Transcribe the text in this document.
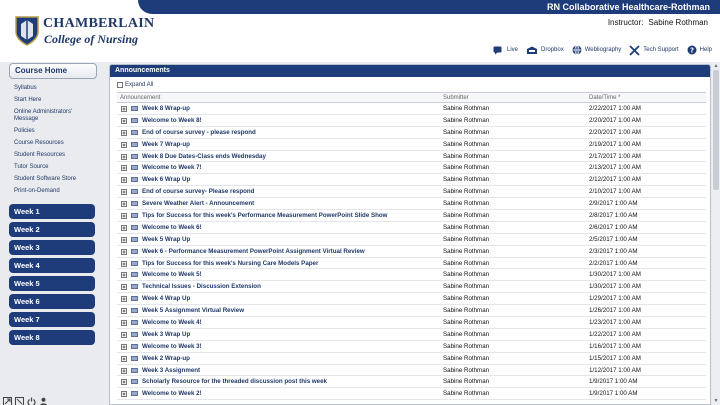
RN Collaborative Healthcare-Rothman
CHAMBERLAIN
College of Nursing
Instructor: Sabine Rothman
Live	Dropbox	Webliography	Tech Support ? Help
Course Home
Syllabus
Start Here
Online Administrators' Message
Policies
Course Resources
Student Resources
Tutor Source
Student Software Store
Print-on-Demand
Week 1
Week 2
Week 3
Week 4
Week 5
Week 6
Week 7
Week 8
Announcements
Expand All
Announcement	Submitter	Date/Time *
Week 8 Wrap-up	Sabine Rothman	2/22/2017 1:00 AM
Welcome to Week 8!	Sabine Rothman	2/20/2017 1:00 AM
End of course survey - please respond	Sabine Rothman	2/20/2017 1:00 AM
Week 7 Wrap-up	Sabine Rothman	2/19/2017 1:00 AM
Week 8 Due Dates-Class ends Wednesday	Sabine Rothman	2/17/2017 1:00 AM
Welcome to Week 7!	Sabine Rothman	2/13/2017 1:00 AM
Week 6 Wrap Up	Sabine Rothman	2/12/2017 1:00 AM
End of course survey- Please respond	Sabine Rothman	2/10/2017 1:00 AM
Severe Weather Alert - Announcement	Sabine Rothman	2/9/2017 1:00 AM
Tips for Success for this week's Performance Measurement PowerPoint Slide Show	Sabine Rothman	2/8/2017 1:00 AM
Welcome to Week 6!	Sabine Rothman	2/6/2017 1:00 AM
Week 5 Wrap Up	Sabine Rothman	2/5/2017 1:00 AM
Week 6 - Performance Measurement PowerPoint Assignment Virtual Review	Sabine Rothman	2/3/2017 1:00 AM
Tips for Success for this week's Nursing Care Models Paper	Sabine Rothman	2/2/2017 1:00 AM
Welcome to Week 5!	Sabine Rothman	1/30/2017 1:00 AM
Technical Issues - Discussion Extension	Sabine Rothman	1/30/2017 1:00 AM
Week 4 Wrap Up	Sabine Rothman	1/29/2017 1:00 AM
Week 5 Assignment Virtual Review	Sabine Rothman	1/26/2017 1:00 AM
Welcome to Week 4!	Sabine Rothman	1/23/2017 1:00 AM
Week 3 Wrap Up	Sabine Rothman	1/22/2017 1:00 AM
Welcome to Week 3!	Sabine Rothman	1/16/2017 1:00 AM
Week 2 Wrap-up	Sabine Rothman	1/15/2017 1:00 AM
Week 3 Assignment	Sabine Rothman	1/12/2017 1:00 AM
Scholarly Resource for the threaded discussion post this week	Sabine Rothman	1/9/2017 1:00 AM
Welcome to Week 2!	Sabine Rothman	1/9/2017 1:00 AM
▲
▼
